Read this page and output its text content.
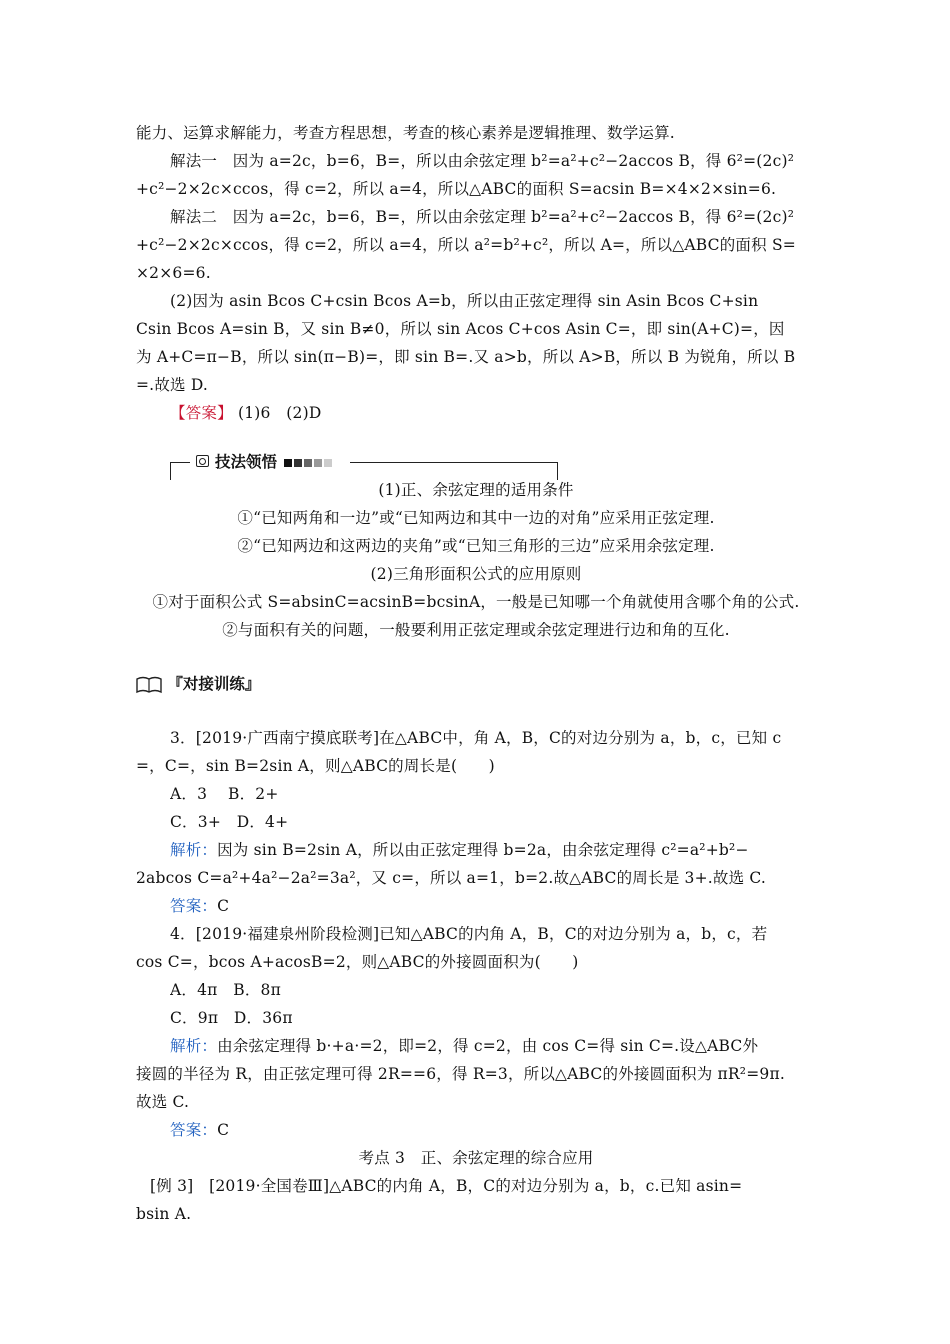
能力、运算求解能力，考查方程思想，考查的核心素养是逻辑推理、数学运算.
解法一　因为 a=2c，b=6，B=，所以由余弦定理 b²=a²+c²−2accos B，得 6²=(2c)²
+c²−2×2c×ccos，得 c=2，所以 a=4，所以△ABC的面积 S=acsin B=×4×2×sin=6.
解法二　因为 a=2c，b=6，B=，所以由余弦定理 b²=a²+c²−2accos B，得 6²=(2c)²
+c²−2×2c×ccos，得 c=2，所以 a=4，所以 a²=b²+c²，所以 A=，所以△ABC的面积 S=
×2×6=6.
(2)因为 asin Bcos C+csin Bcos A=b，所以由正弦定理得 sin Asin Bcos C+sin
Csin Bcos A=sin B，又 sin B≠0，所以 sin Acos C+cos Asin C=，即 sin(A+C)=，因
为 A+C=π−B，所以 sin(π−B)=，即 sin B=.又 a>b，所以 A>B，所以 B 为锐角，所以 B
=.故选 D.
【答案】 (1)6　(2)D
技法领悟
(1)正、余弦定理的适用条件
①“已知两角和一边”或“已知两边和其中一边的对角”应采用正弦定理.
②“已知两边和这两边的夹角”或“已知三角形的三边”应采用余弦定理.
(2)三角形面积公式的应用原则
①对于面积公式 S=absinC=acsinB=bcsinA，一般是已知哪一个角就使用含哪个角的公式.
②与面积有关的问题，一般要利用正弦定理或余弦定理进行边和角的互化.
『对接训练』
3．[2019·广西南宁摸底联考]在△ABC中，角 A，B，C的对边分别为 a，b，c，已知 c
=，C=，sin B=2sin A，则△ABC的周长是(　　)
A．3　 B．2+
C．3+　D．4+
解析：因为 sin B=2sin A，所以由正弦定理得 b=2a，由余弦定理得 c²=a²+b²−
2abcos C=a²+4a²−2a²=3a²，又 c=，所以 a=1，b=2.故△ABC的周长是 3+.故选 C.
答案：C
4．[2019·福建泉州阶段检测]已知△ABC的内角 A，B，C的对边分别为 a，b，c，若
cos C=，bcos A+acosB=2，则△ABC的外接圆面积为(　　)
A．4π　B．8π
C．9π　D．36π
解析：由余弦定理得 b·+a·=2，即=2，得 c=2，由 cos C=得 sin C=.设△ABC外
接圆的半径为 R，由正弦定理可得 2R==6，得 R=3，所以△ABC的外接圆面积为 πR²=9π.
故选 C.
答案：C
考点 3　正、余弦定理的综合应用
[例 3]　[2019·全国卷Ⅲ]△ABC的内角 A，B，C的对边分别为 a，b，c.已知 asin=
bsin A.
